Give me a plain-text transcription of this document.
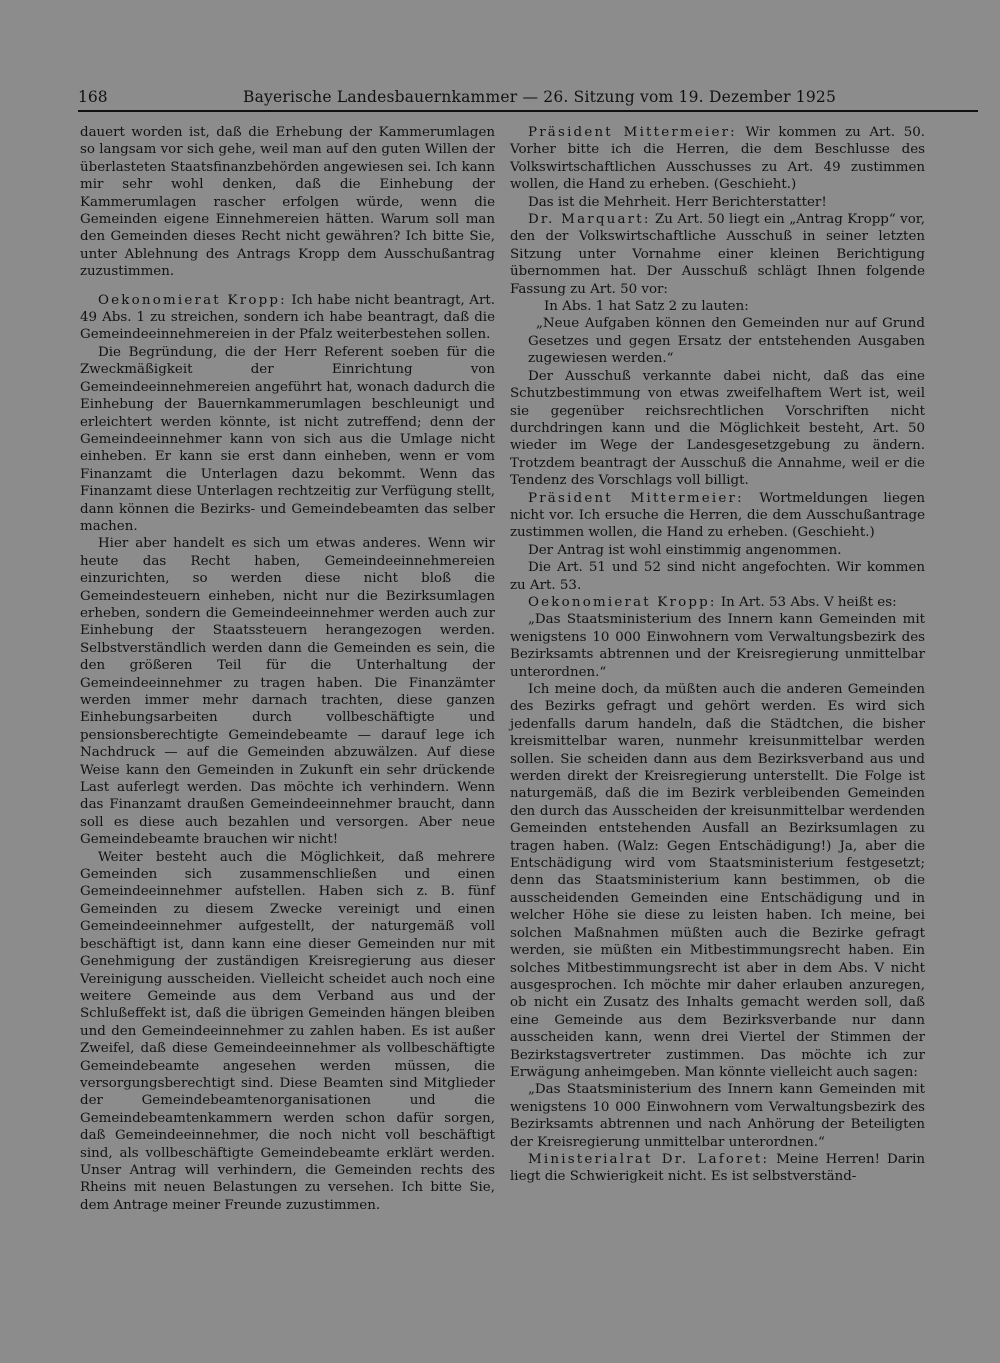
168	Bayerische Landesbauernkammer — 26. Sitzung vom 19. Dezember 1925

dauert worden ist, daß die Erhebung der Kammerumlagen so langsam vor sich gehe, weil man auf den guten Willen der überlasteten Staatsfinanzbehörden angewiesen sei. Ich kann mir sehr wohl denken, daß die Einhebung der Kammerumlagen rascher erfolgen würde, wenn die Gemeinden eigene Einnehmereien hätten. Warum soll man den Gemeinden dieses Recht nicht gewähren? Ich bitte Sie, unter Ablehnung des Antrags Kropp dem Ausschußantrag zuzustimmen.

Oekonomierat Kropp: Ich habe nicht beantragt, Art. 49 Abs. 1 zu streichen, sondern ich habe beantragt, daß die Gemeindeeinnehmereien in der Pfalz weiterbestehen sollen.

Die Begründung, die der Herr Referent soeben für die Zweckmäßigkeit der Einrichtung von Gemeindeeinnehmereien angeführt hat, wonach dadurch die Einhebung der Bauernkammerumlagen beschleunigt und erleichtert werden könnte, ist nicht zutreffend; denn der Gemeindeeinnehmer kann von sich aus die Umlage nicht einheben. Er kann sie erst dann einheben, wenn er vom Finanzamt die Unterlagen dazu bekommt. Wenn das Finanzamt diese Unterlagen rechtzeitig zur Verfügung stellt, dann können die Bezirks- und Gemeindebeamten das selber machen.

Hier aber handelt es sich um etwas anderes. Wenn wir heute das Recht haben, Gemeindeeinnehmereien einzurichten, so werden diese nicht bloß die Gemeindesteuern einheben, nicht nur die Bezirksumlagen erheben, sondern die Gemeindeeinnehmer werden auch zur Einhebung der Staatssteuern herangezogen werden. Selbstverständlich werden dann die Gemeinden es sein, die den größeren Teil für die Unterhaltung der Gemeindeeinnehmer zu tragen haben. Die Finanzämter werden immer mehr darnach trachten, diese ganzen Einhebungsarbeiten durch vollbeschäftigte und pensionsberechtigte Gemeindebeamte — darauf lege ich Nachdruck — auf die Gemeinden abzuwälzen. Auf diese Weise kann den Gemeinden in Zukunft ein sehr drückende Last auferlegt werden. Das möchte ich verhindern. Wenn das Finanzamt draußen Gemeindeeinnehmer braucht, dann soll es diese auch bezahlen und versorgen. Aber neue Gemeindebeamte brauchen wir nicht!

Weiter besteht auch die Möglichkeit, daß mehrere Gemeinden sich zusammenschließen und einen Gemeindeeinnehmer aufstellen. Haben sich z. B. fünf Gemeinden zu diesem Zwecke vereinigt und einen Gemeindeeinnehmer aufgestellt, der naturgemäß voll beschäftigt ist, dann kann eine dieser Gemeinden nur mit Genehmigung der zuständigen Kreisregierung aus dieser Vereinigung ausscheiden. Vielleicht scheidet auch noch eine weitere Gemeinde aus dem Verband aus und der Schlußeffekt ist, daß die übrigen Gemeinden hängen bleiben und den Gemeindeeinnehmer zu zahlen haben. Es ist außer Zweifel, daß diese Gemeindeeinnehmer als vollbeschäftigte Gemeindebeamte angesehen werden müssen, die versorgungsberechtigt sind. Diese Beamten sind Mitglieder der Gemeindebeamtenorganisationen und die Gemeindebeamtenkammern werden schon dafür sorgen, daß Gemeindeeinnehmer, die noch nicht voll beschäftigt sind, als vollbeschäftigte Gemeindebeamte erklärt werden. Unser Antrag will verhindern, die Gemeinden rechts des Rheins mit neuen Belastungen zu versehen. Ich bitte Sie, dem Antrage meiner Freunde zuzustimmen.

Präsident Mittermeier: Wir kommen zu Art. 50. Vorher bitte ich die Herren, die dem Beschlusse des Volkswirtschaftlichen Ausschusses zu Art. 49 zustimmen wollen, die Hand zu erheben. (Geschieht.)

Das ist die Mehrheit. Herr Berichterstatter!

Dr. Marquart: Zu Art. 50 liegt ein „Antrag Kropp“ vor, den der Volkswirtschaftliche Ausschuß in seiner letzten Sitzung unter Vornahme einer kleinen Berichtigung übernommen hat. Der Ausschuß schlägt Ihnen folgende Fassung zu Art. 50 vor:

In Abs. 1 hat Satz 2 zu lauten:

„Neue Aufgaben können den Gemeinden nur auf Grund Gesetzes und gegen Ersatz der entstehenden Ausgaben zugewiesen werden.“

Der Ausschuß verkannte dabei nicht, daß das eine Schutzbestimmung von etwas zweifelhaftem Wert ist, weil sie gegenüber reichsrechtlichen Vorschriften nicht durchdringen kann und die Möglichkeit besteht, Art. 50 wieder im Wege der Landesgesetzgebung zu ändern. Trotzdem beantragt der Ausschuß die Annahme, weil er die Tendenz des Vorschlags voll billigt.

Präsident Mittermeier: Wortmeldungen liegen nicht vor. Ich ersuche die Herren, die dem Ausschußantrage zustimmen wollen, die Hand zu erheben. (Geschieht.)

Der Antrag ist wohl einstimmig angenommen.

Die Art. 51 und 52 sind nicht angefochten. Wir kommen zu Art. 53.

Oekonomierat Kropp: In Art. 53 Abs. V heißt es:

„Das Staatsministerium des Innern kann Gemeinden mit wenigstens 10 000 Einwohnern vom Verwaltungsbezirk des Bezirksamts abtrennen und der Kreisregierung unmittelbar unterordnen.“

Ich meine doch, da müßten auch die anderen Gemeinden des Bezirks gefragt und gehört werden. Es wird sich jedenfalls darum handeln, daß die Städtchen, die bisher kreismittelbar waren, nunmehr kreisunmittelbar werden sollen. Sie scheiden dann aus dem Bezirksverband aus und werden direkt der Kreisregierung unterstellt. Die Folge ist naturgemäß, daß die im Bezirk verbleibenden Gemeinden den durch das Ausscheiden der kreisunmittelbar werdenden Gemeinden entstehenden Ausfall an Bezirksumlagen zu tragen haben. (Walz: Gegen Entschädigung!) Ja, aber die Entschädigung wird vom Staatsministerium festgesetzt; denn das Staatsministerium kann bestimmen, ob die ausscheidenden Gemeinden eine Entschädigung und in welcher Höhe sie diese zu leisten haben. Ich meine, bei solchen Maßnahmen müßten auch die Bezirke gefragt werden, sie müßten ein Mitbestimmungsrecht haben. Ein solches Mitbestimmungsrecht ist aber in dem Abs. V nicht ausgesprochen. Ich möchte mir daher erlauben anzuregen, ob nicht ein Zusatz des Inhalts gemacht werden soll, daß eine Gemeinde aus dem Bezirksverbande nur dann ausscheiden kann, wenn drei Viertel der Stimmen der Bezirkstagsvertreter zustimmen. Das möchte ich zur Erwägung anheimgeben. Man könnte vielleicht auch sagen:

„Das Staatsministerium des Innern kann Gemeinden mit wenigstens 10 000 Einwohnern vom Verwaltungsbezirk des Bezirksamts abtrennen und nach Anhörung der Beteiligten der Kreisregierung unmittelbar unterordnen.“

Ministerialrat Dr. Laforet: Meine Herren! Darin liegt die Schwierigkeit nicht. Es ist selbstverständ-
